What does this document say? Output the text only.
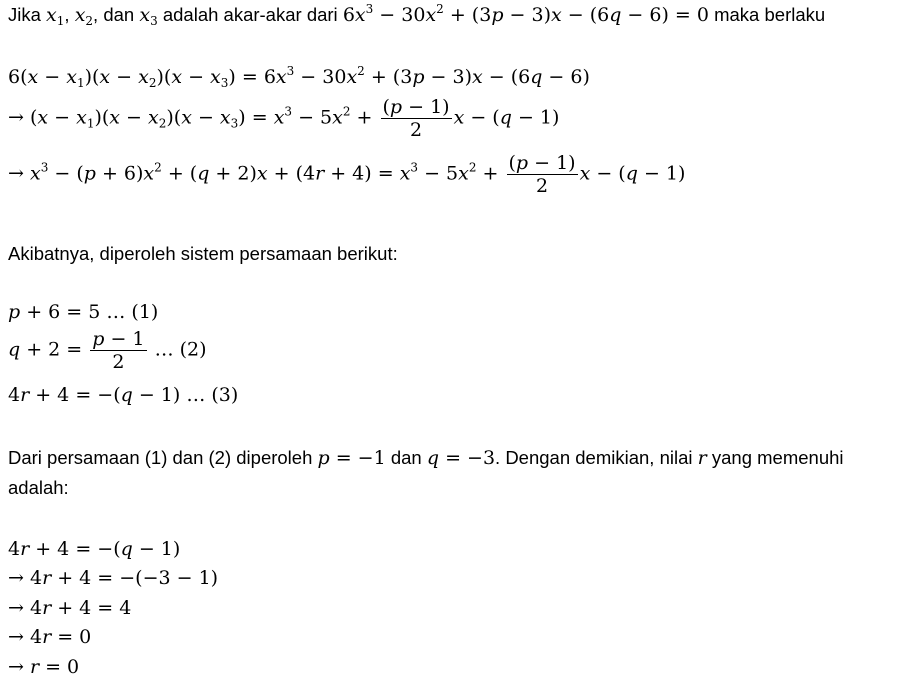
Jika $x_1$, $x_2$, dan $x_3$ adalah akar-akar dari $6x^3 - 30x^2 + (3p - 3)x - (6q - 6) = 0$ maka berlaku
$6(x - x_1)(x - x_2)(x - x_3) = 6x^3 - 30x^2 + (3p - 3)x - (6q - 6)$
→ $(x - x_1)(x - x_2)(x - x_3) = x^3 - 5x^2 + \frac{(p - 1)}{2}$ x − (q − 1)
→ $x^3 - (p + 6)x^2 + (q + 2)x + (4r + 4) = x^3 - 5x^2 + \frac{(p - 1)}{2}$ x − (q − 1)
Akibatnya, diperoleh sistem persamaan berikut:
p + 6 = 5 … (1)
$q + 2 = \frac{p - 1}{2}$ … (2)
4r + 4 = −(q − 1) … (3)
Dari persamaan (1) dan (2) diperoleh p = −1 dan q = −3. Dengan demikian, nilai r yang memenuhi
adalah:
4r + 4 = −(q − 1)
→ 4r + 4 = −(−3 − 1)
→ 4r + 4 = 4
→ 4r = 0
→ r = 0
